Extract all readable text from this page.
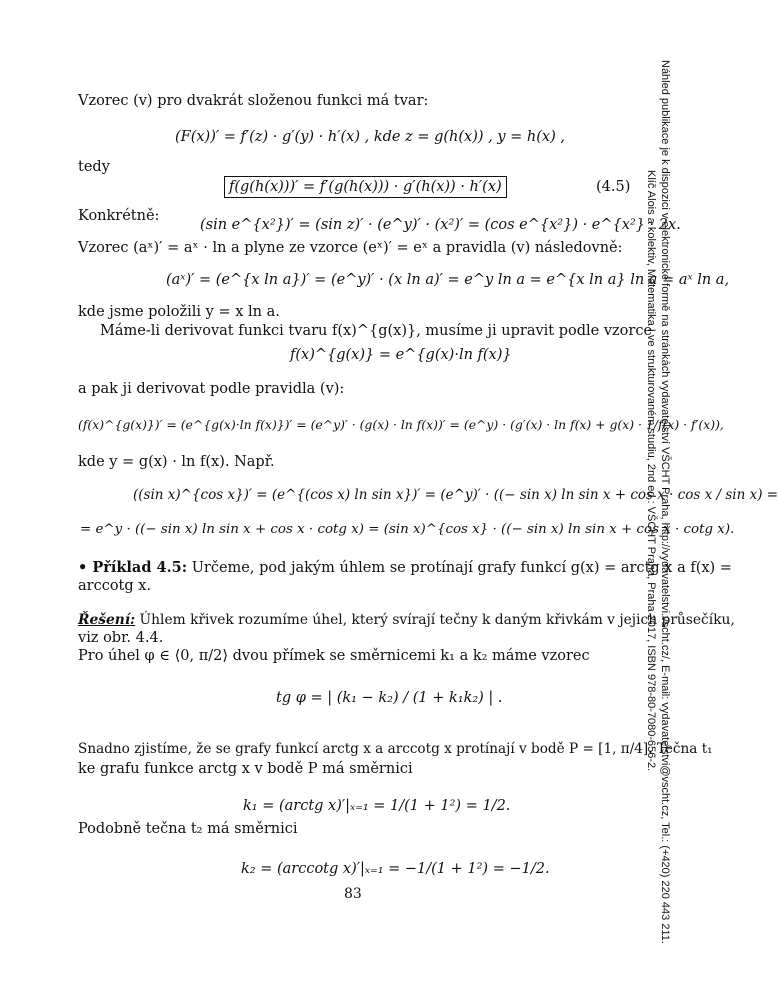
Náhled publikace je k dispozici v elektronické formě na stránkách vydavatelství VŠCHT Praha, http://vydavatelstvi.vscht.cz/, E-mail: vydavatelstvi@vscht.cz, Tel.: (+420) 220 443 211.
Klíč Alois a kolektiv, Matematika I ve strukturovaném studiu, 2nd ed.: VŠCHT Praha, Praha 2017, ISBN 978-80-7080-656-2.
Vzorec (v) pro dvakrát složenou funkci má tvar:
(F(x))′ = f′(z) · g′(y) · h′(x) , kde z = g(h(x)) , y = h(x) ,
tedy
f(g(h(x)))′ = f′(g(h(x))) · g′(h(x)) · h′(x)	(4.5)
Konkrétně:
(sin e^{x²})′ = (sin z)′ · (e^y)′ · (x²)′ = (cos e^{x²}) · e^{x²} · 2x.
Vzorec (aˣ)′ = aˣ · ln a plyne ze vzorce (eˣ)′ = eˣ a pravidla (v) následovně:
(aˣ)′ = (e^{x ln a})′ = (e^y)′ · (x ln a)′ = e^y ln a = e^{x ln a} ln a = aˣ ln a,
kde jsme položili y = x ln a.
Máme-li derivovat funkci tvaru f(x)^{g(x)}, musíme ji upravit podle vzorce
f(x)^{g(x)} = e^{g(x)·ln f(x)}
a pak ji derivovat podle pravidla (v):
(f(x)^{g(x)})′ = (e^{g(x)·ln f(x)})′ = (e^y)′ · (g(x) · ln f(x))′ = (e^y) · (g′(x) · ln f(x) + g(x) · 1/f(x) · f′(x)),
kde y = g(x) · ln f(x). Např.
((sin x)^{cos x})′ = (e^{(cos x) ln sin x})′ = (e^y)′ · ((− sin x) ln sin x + cos x · cos x / sin x) =
= e^y · ((− sin x) ln sin x + cos x · cotg x) = (sin x)^{cos x} · ((− sin x) ln sin x + cos x · cotg x).
• Příklad 4.5: Určeme, pod jakým úhlem se protínají grafy funkcí g(x) = arctg x a f(x) =
arccotg x.
Řešení: Úhlem křivek rozumíme úhel, který svírají tečny k daným křivkám v jejich průsečíku,
viz obr. 4.4.
Pro úhel φ ∈ ⟨0, π/2⟩ dvou přímek se směrnicemi k₁ a k₂ máme vzorec
tg φ = | (k₁ − k₂) / (1 + k₁k₂) | .
Snadno zjistíme, že se grafy funkcí arctg x a arccotg x protínají v bodě P = [1, π/4]. Tečna t₁
ke grafu funkce arctg x v bodě P má směrnici
k₁ = (arctg x)′|ₓ₌₁ = 1/(1 + 1²) = 1/2.
Podobně tečna t₂ má směrnici
k₂ = (arccotg x)′|ₓ₌₁ = −1/(1 + 1²) = −1/2.
83
